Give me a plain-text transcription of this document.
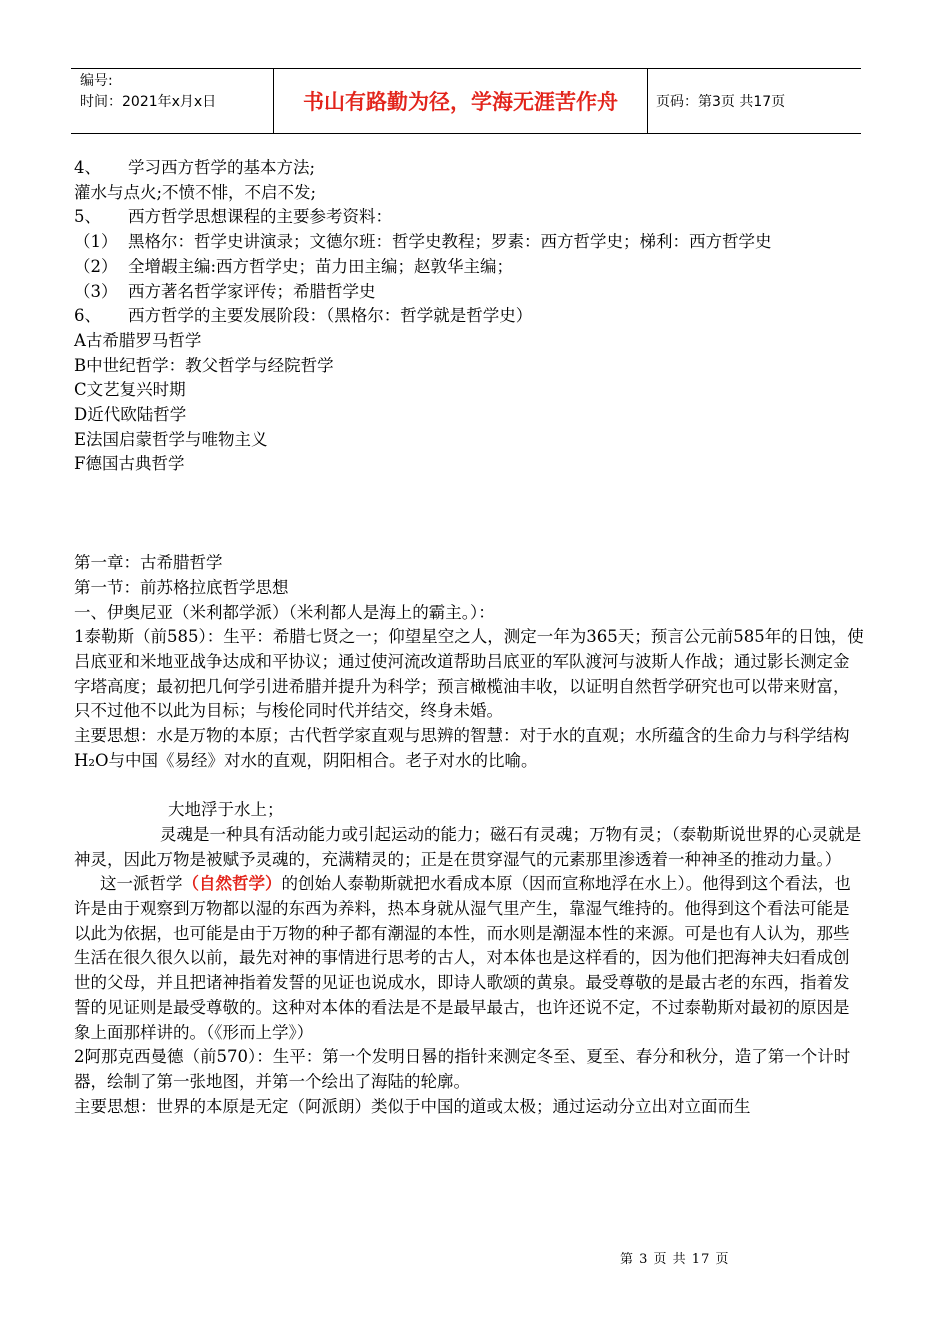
编号:
时间：2021年x月x日	书山有路勤为径，学海无涯苦作舟	页码：第3页 共17页
4、	学习西方哲学的基本方法;

灌水与点火;不愤不悱，不启不发;

5、	西方哲学思想课程的主要参考资料：
（1） 黑格尔：哲学史讲演录；文德尔班：哲学史教程；罗素：西方哲学史；梯利：西方哲学史
（2） 全增嘏主编:西方哲学史；苗力田主编；赵敦华主编；
（3） 西方著名哲学家评传；希腊哲学史
6、	西方哲学的主要发展阶段：（黑格尔：哲学就是哲学史）

A古希腊罗马哲学

B中世纪哲学：教父哲学与经院哲学

C文艺复兴时期

D近代欧陆哲学

E法国启蒙哲学与唯物主义

F德国古典哲学

第一章：古希腊哲学

第一节：前苏格拉底哲学思想

一、伊奥尼亚（米利都学派）（米利都人是海上的霸主。）：

1泰勒斯（前585）：生平：希腊七贤之一；仰望星空之人，测定一年为365天；预言公元前585年的日蚀，使吕底亚和米地亚战争达成和平协议；通过使河流改道帮助吕底亚的军队渡河与波斯人作战；通过影长测定金字塔高度；最初把几何学引进希腊并提升为科学；预言橄榄油丰收，以证明自然哲学研究也可以带来财富，只不过他不以此为目标；与梭伦同时代并结交，终身未婚。

主要思想：水是万物的本原；古代哲学家直观与思辨的智慧：对于水的直观；水所蕴含的生命力与科学结构H₂O与中国《易经》对水的直观，阴阳相合。老子对水的比喻。

大地浮于水上；

灵魂是一种具有活动能力或引起运动的能力；磁石有灵魂；万物有灵；（泰勒斯说世界的心灵就是神灵，因此万物是被赋予灵魂的，充满精灵的；正是在贯穿湿气的元素那里渗透着一种神圣的推动力量。）

这一派哲学（自然哲学）的创始人泰勒斯就把水看成本原（因而宣称地浮在水上）。他得到这个看法，也许是由于观察到万物都以湿的东西为养料，热本身就从湿气里产生，靠湿气维持的。他得到这个看法可能是以此为依据，也可能是由于万物的种子都有潮湿的本性，而水则是潮湿本性的来源。可是也有人认为，那些生活在很久很久以前，最先对神的事情进行思考的古人，对本体也是这样看的，因为他们把海神夫妇看成创世的父母，并且把诸神指着发誓的见证也说成水，即诗人歌颂的黄泉。最受尊敬的是最古老的东西，指着发誓的见证则是最受尊敬的。这种对本体的看法是不是最早最古，也许还说不定，不过泰勒斯对最初的原因是象上面那样讲的。（《形而上学》）

2阿那克西曼德（前570）：生平：第一个发明日晷的指针来测定冬至、夏至、春分和秋分，造了第一个计时器，绘制了第一张地图，并第一个绘出了海陆的轮廓。

主要思想：世界的本原是无定（阿派朗）类似于中国的道或太极；通过运动分立出对立面而生

第 3 页 共 17 页
